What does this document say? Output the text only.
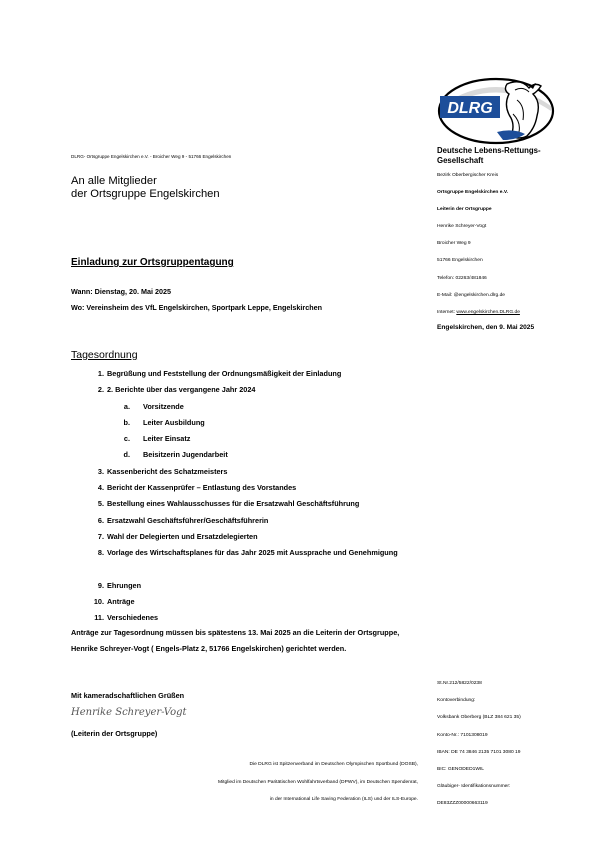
DLRG- Ortsgruppe Engelskirchen e.V. - Broicher Weg 9 - 51766 Engelskirchen
An alle Mitglieder
der Ortsgruppe Engelskirchen
Einladung zur Ortsgruppentagung
Wann: Dienstag, 20. Mai 2025
Wo: Vereinsheim des VfL Engelskirchen, Sportpark Leppe, Engelskirchen
Tagesordnung
1. Begrüßung und Feststellung der Ordnungsmäßigkeit der Einladung
2. 2. Berichte über das vergangene Jahr 2024
a. Vorsitzende
b. Leiter Ausbildung
c. Leiter Einsatz
d. Beisitzerin Jugendarbeit
3. Kassenbericht des Schatzmeisters
4. Bericht der Kassenprüfer – Entlastung des Vorstandes
5. Bestellung eines Wahlausschusses für die Ersatzwahl Geschäftsführung
6. Ersatzwahl Geschäftsführer/Geschäftsführerin
7. Wahl der Delegierten und Ersatzdelegierten
8. Vorlage des Wirtschaftsplanes für das Jahr 2025 mit Aussprache und Genehmigung
9. Ehrungen
10. Anträge
11. Verschiedenes
Anträge zur Tagesordnung müssen bis spätestens 13. Mai 2025 an die Leiterin der Ortsgruppe, Henrike Schreyer-Vogt ( Engels-Platz 2, 51766 Engelskirchen) gerichtet werden.
Mit kameradschaftlichen Grüßen
Henrike Schreyer-Vogt
(Leiterin der Ortsgruppe)
Die DLRG ist Spitzenverband im Deutschen Olympischen Sportbund (DOSB),
Mitglied im Deutschen Paritätischen Wohlfahrtsverband (DPWV), im Deutschen Spendenrat,
in der International Life Saving Federation (ILS) und der ILS-Europe.
DLRG
Deutsche Lebens-Rettungs-
Gesellschaft
Bezirk Oberbergischer Kreis
Ortsgruppe Engelskirchen e.V.
Leiterin der Ortsgruppe
Henrike Schreyer-Vogt
Broicher Weg 9
51766 Engelskirchen
Telefon: 02263/481846
E-Mail: @engelskirchen.dlrg.de
Internet: www.engelskirchen.DLRG.de
Engelskirchen, den 9. Mai 2025
St.Nr.212/5822/0238
Kontoverbindung:
Volksbank Oberberg (BLZ 384 621 35)
Konto-Nr.: 7101308019
IBAN: DE 74 3846 2135 7101 3080 19
BIC: GENODED1WIL
Gläubiger- Identifikationsnummer:
DE83ZZZ00000663119
